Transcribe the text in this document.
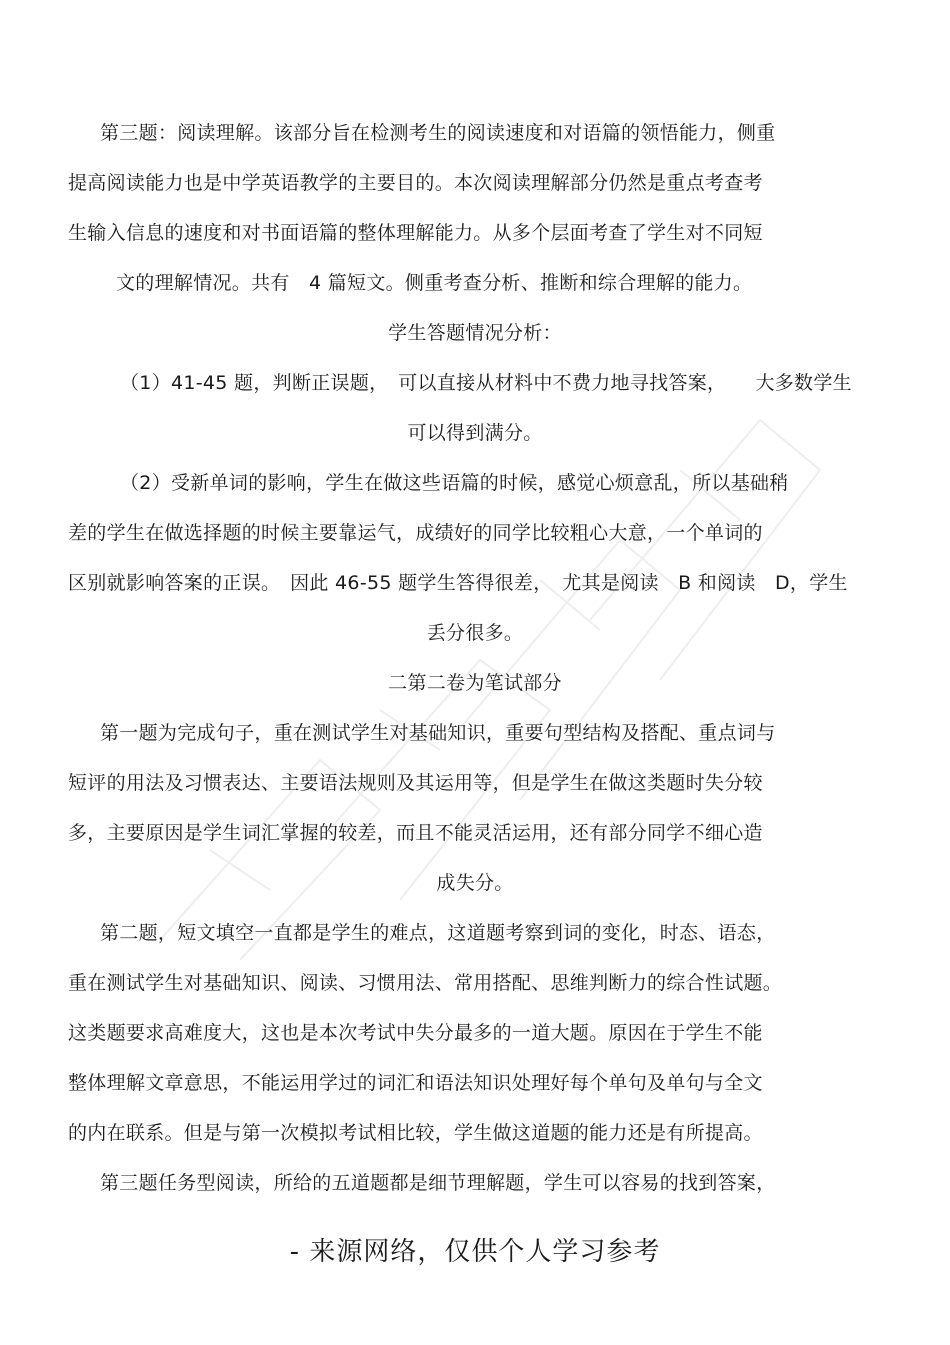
第三题：阅读理解。该部分旨在检测考生的阅读速度和对语篇的领悟能力，侧重
提高阅读能力也是中学英语教学的主要目的。本次阅读理解部分仍然是重点考查考
生输入信息的速度和对书面语篇的整体理解能力。从多个层面考查了学生对不同短
文的理解情况。共有　4 篇短文。侧重考查分析、推断和综合理解的能力。
学生答题情况分析：
（1）41-45 题，判断正误题，　可以直接从材料中不费力地寻找答案，　　大多数学生
可以得到满分。
（2）受新单词的影响，学生在做这些语篇的时候，感觉心烦意乱，所以基础稍
差的学生在做选择题的时候主要靠运气，成绩好的同学比较粗心大意，一个单词的
区别就影响答案的正误。　因此 46-55 题学生答得很差，　尤其是阅读　B 和阅读　D，学生
丢分很多。
二第二卷为笔试部分
第一题为完成句子，重在测试学生对基础知识，重要句型结构及搭配、重点词与
短评的用法及习惯表达、主要语法规则及其运用等，但是学生在做这类题时失分较
多，主要原因是学生词汇掌握的较差，而且不能灵活运用，还有部分同学不细心造
成失分。
第二题，短文填空一直都是学生的难点，这道题考察到词的变化，时态、语态，
重在测试学生对基础知识、阅读、习惯用法、常用搭配、思维判断力的综合性试题。
这类题要求高难度大，这也是本次考试中失分最多的一道大题。原因在于学生不能
整体理解文章意思，不能运用学过的词汇和语法知识处理好每个单句及单句与全文
的内在联系。但是与第一次模拟考试相比较，学生做这道题的能力还是有所提高。
第三题任务型阅读，所给的五道题都是细节理解题，学生可以容易的找到答案，
- 来源网络，仅供个人学习参考
